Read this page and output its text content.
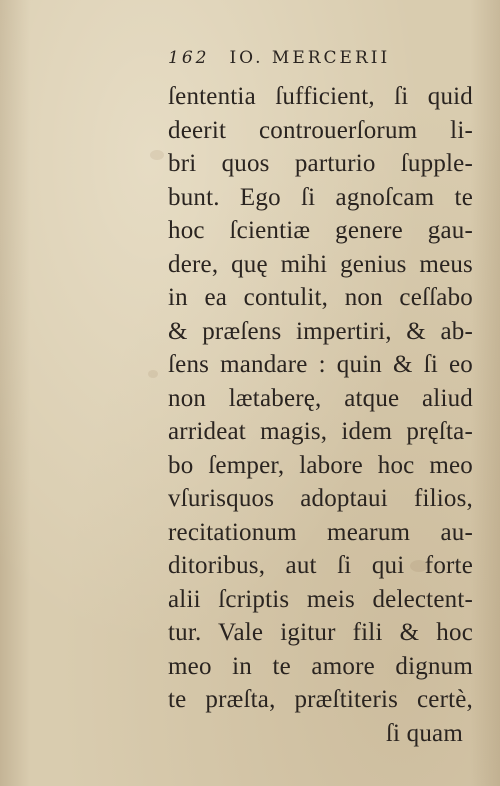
162 IO. MERCERII
ſententia ſufficient, ſi quid
deerit controuerſorum li-
bri quos parturio ſupple-
bunt. Ego ſi agnoſcam te
hoc ſcientiæ genere gau-
dere, quę mihi genius meus
in ea contulit, non ceſſabo
& præſens impertiri, & ab-
ſens mandare : quin & ſi eo
non lætaberę, atque aliud
arrideat magis, idem pręſta-
bo ſemper, labore hoc meo
vſurisquos adoptaui filios,
recitationum mearum au-
ditoribus, aut ſi qui forte
alii ſcriptis meis delectent-
tur. Vale igitur fili & hoc
meo in te amore dignum
te præſta, præſtiteris certè,
ſi quam
